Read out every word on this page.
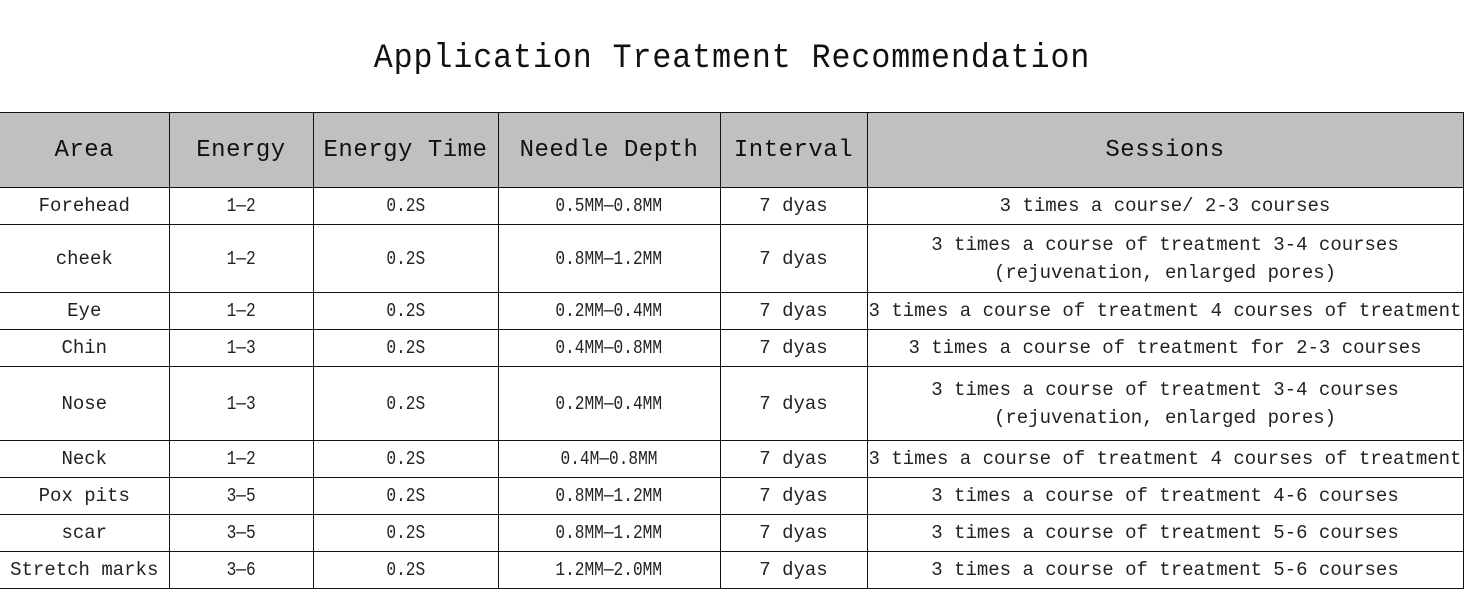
Application Treatment Recommendation
Area	Energy	Energy Time	Needle Depth	Interval	Sessions
Forehead	1—2	0.2S	0.5MM—0.8MM	7 dyas	3 times a course/ 2-3 courses

cheek	1—2	0.2S	0.8MM—1.2MM	7 dyas	3 times a course of treatment 3-4 courses
(rejuvenation, enlarged pores)

Eye	1—2	0.2S	0.2MM—0.4MM	7 dyas	3 times a course of treatment 4 courses of treatment

Chin	1—3	0.2S	0.4MM—0.8MM	7 dyas	3 times a course of treatment for 2-3 courses

Nose	1—3	0.2S	0.2MM—0.4MM	7 dyas	3 times a course of treatment 3-4 courses
(rejuvenation, enlarged pores)

Neck	1—2	0.2S	0.4M—0.8MM	7 dyas	3 times a course of treatment 4 courses of treatment

Pox pits	3—5	0.2S	0.8MM—1.2MM	7 dyas	3 times a course of treatment 4-6 courses

scar	3—5	0.2S	0.8MM—1.2MM	7 dyas	3 times a course of treatment 5-6 courses

Stretch marks	3—6	0.2S	1.2MM—2.0MM	7 dyas	3 times a course of treatment 5-6 courses
